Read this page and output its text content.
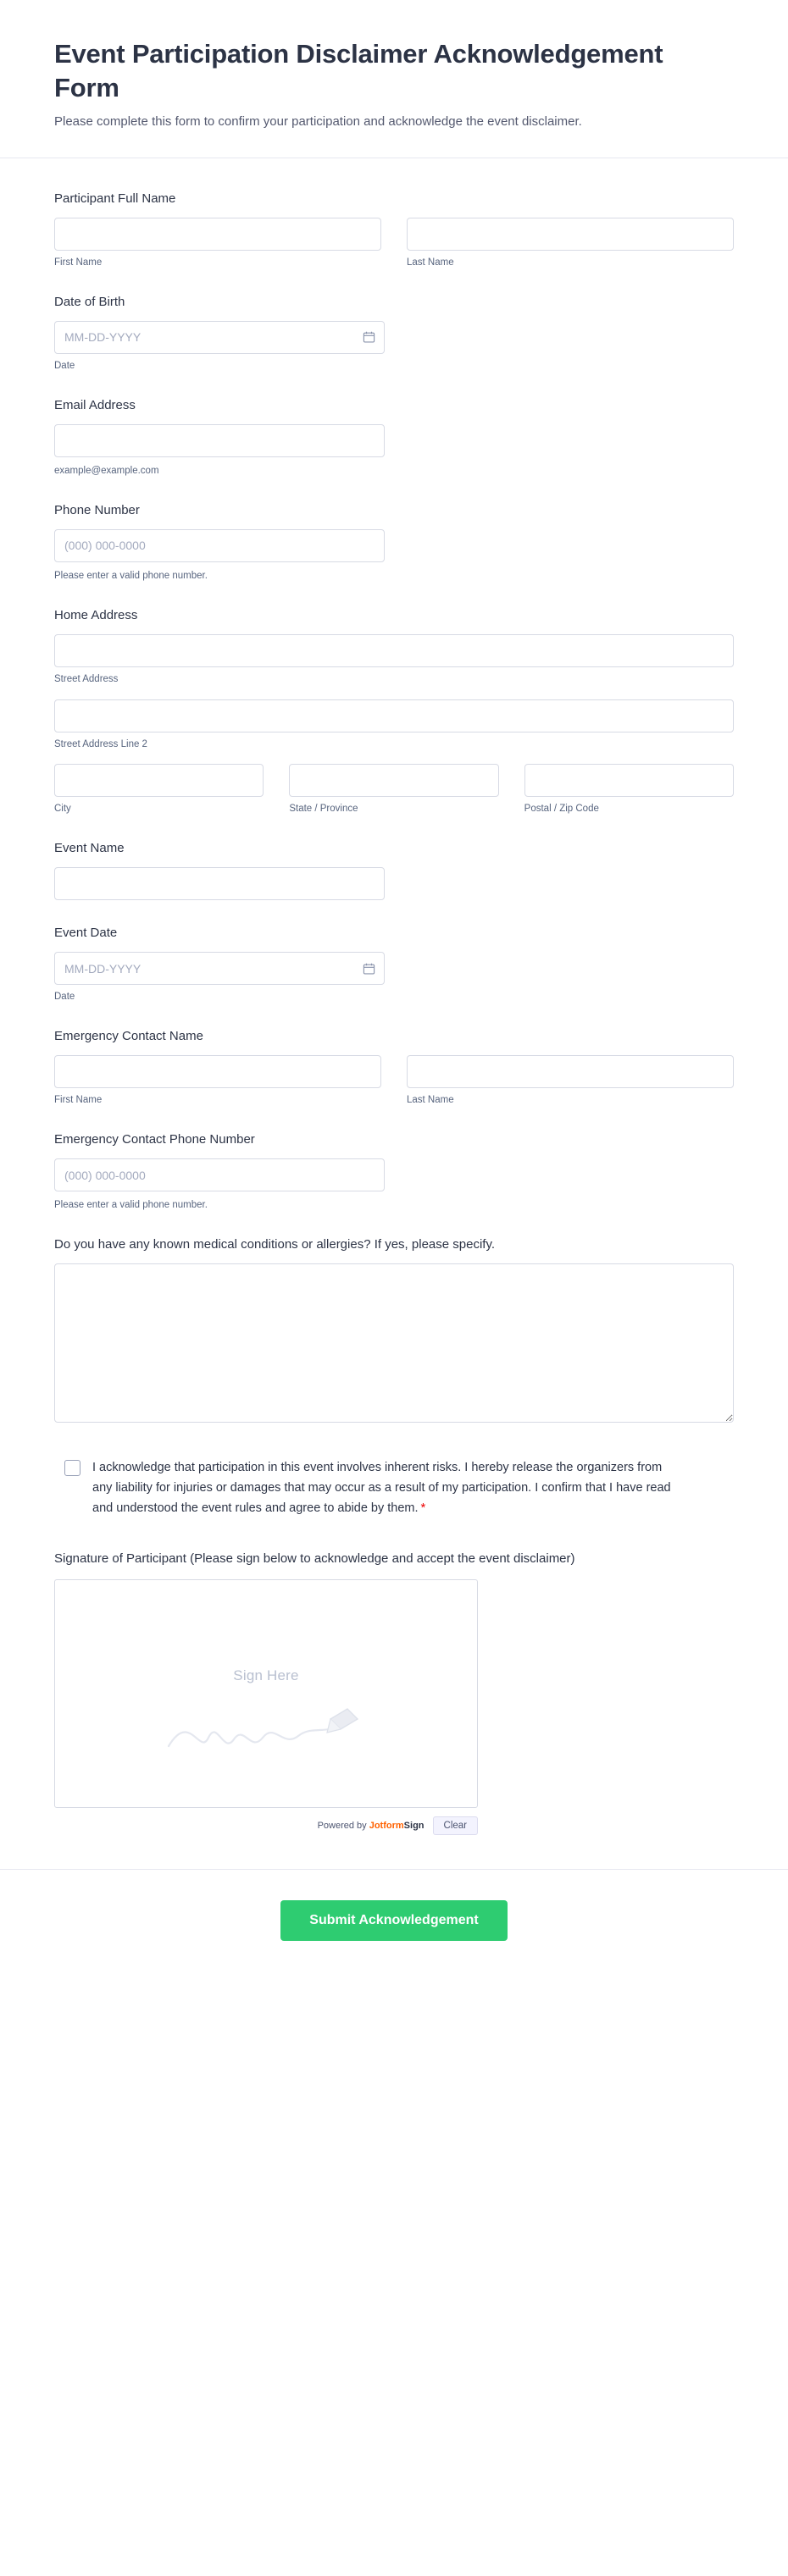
Event Participation Disclaimer Acknowledgement Form

Please complete this form to confirm your participation and acknowledge the event disclaimer.

Participant Full Name
First Name	Last Name
Date of Birth
MM-DD-YYYY
Date
Email Address
example@example.com
Phone Number
(000) 000-0000
Please enter a valid phone number.
Home Address
Street Address
Street Address Line 2
City	State / Province	Postal / Zip Code
Event Name
Event Date
MM-DD-YYYY
Date
Emergency Contact Name
First Name	Last Name
Emergency Contact Phone Number
(000) 000-0000
Please enter a valid phone number.
Do you have any known medical conditions or allergies? If yes, please specify.
I acknowledge that participation in this event involves inherent risks. I hereby release the organizers from any liability for injuries or damages that may occur as a result of my participation. I confirm that I have read and understood the event rules and agree to abide by them. *
Signature of Participant (Please sign below to acknowledge and accept the event disclaimer)
Sign Here
Powered by JotformSign	Clear
Submit Acknowledgement
